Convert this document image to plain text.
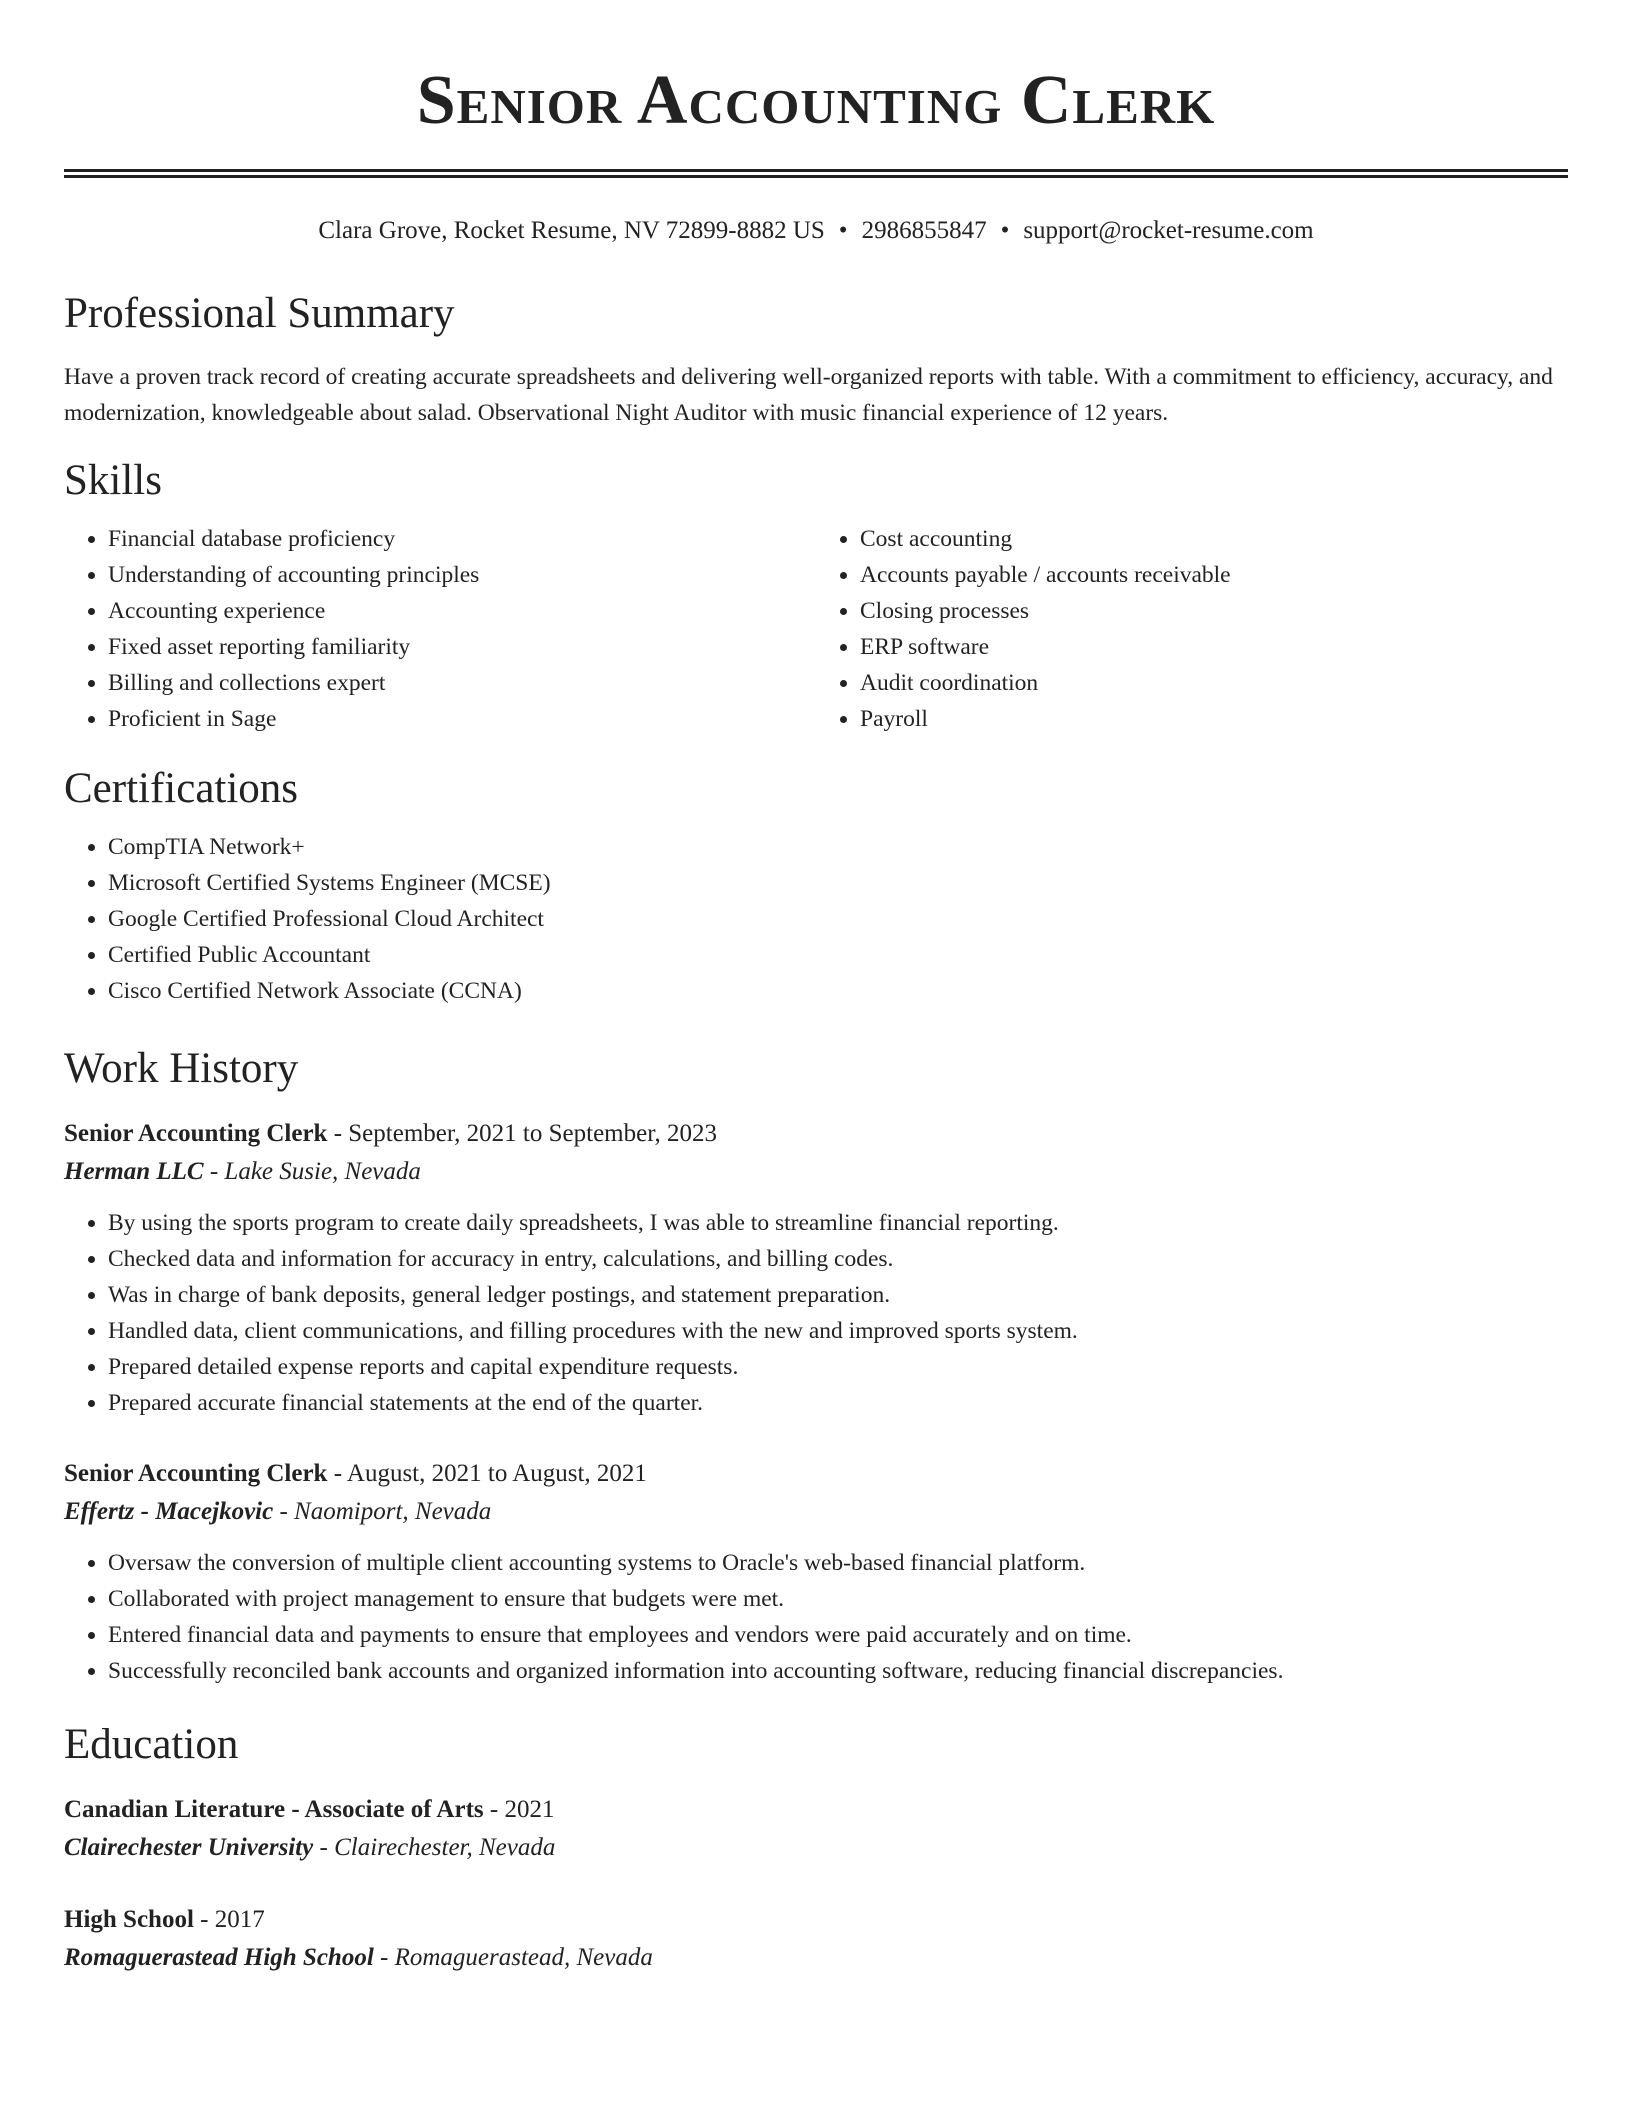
Senior Accounting Clerk
Clara Grove, Rocket Resume, NV 72899-8882 US • 2986855847 • support@rocket-resume.com
Professional Summary

Have a proven track record of creating accurate spreadsheets and delivering well-organized reports with table. With a commitment to efficiency, accuracy, and modernization, knowledgeable about salad. Observational Night Auditor with music financial experience of 12 years.

Skills
• Financial database proficiency
• Understanding of accounting principles
• Accounting experience
• Fixed asset reporting familiarity
• Billing and collections expert
• Proficient in Sage
• Cost accounting
• Accounts payable / accounts receivable
• Closing processes
• ERP software
• Audit coordination
• Payroll
Certifications
• CompTIA Network+
• Microsoft Certified Systems Engineer (MCSE)
• Google Certified Professional Cloud Architect
• Certified Public Accountant
• Cisco Certified Network Associate (CCNA)
Work History
Senior Accounting Clerk - September, 2021 to September, 2023
Herman LLC - Lake Susie, Nevada
• By using the sports program to create daily spreadsheets, I was able to streamline financial reporting.
• Checked data and information for accuracy in entry, calculations, and billing codes.
• Was in charge of bank deposits, general ledger postings, and statement preparation.
• Handled data, client communications, and filling procedures with the new and improved sports system.
• Prepared detailed expense reports and capital expenditure requests.
• Prepared accurate financial statements at the end of the quarter.
Senior Accounting Clerk - August, 2021 to August, 2021
Effertz - Macejkovic - Naomiport, Nevada
• Oversaw the conversion of multiple client accounting systems to Oracle's web-based financial platform.
• Collaborated with project management to ensure that budgets were met.
• Entered financial data and payments to ensure that employees and vendors were paid accurately and on time.
• Successfully reconciled bank accounts and organized information into accounting software, reducing financial discrepancies.
Education
Canadian Literature - Associate of Arts - 2021
Clairechester University - Clairechester, Nevada
High School - 2017
Romaguerastead High School - Romaguerastead, Nevada
